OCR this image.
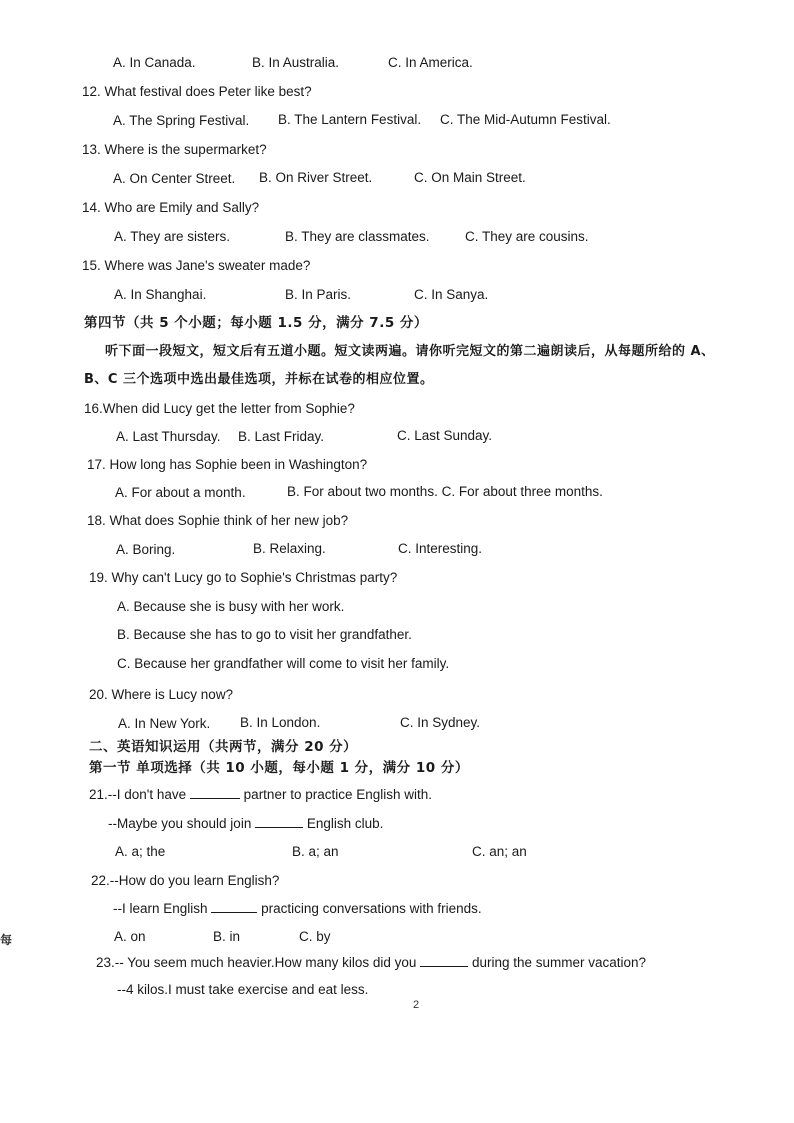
A. In Canada.	B. In Australia.	C. In America.
12. What festival does Peter like best?
A. The Spring Festival. B. The Lantern Festival. C. The Mid-Autumn Festival.
13. Where is the supermarket?
A. On Center Street. B. On River Street.	C. On Main Street.
14. Who are Emily and Sally?
A. They are sisters.	B. They are classmates.	C. They are cousins.
15. Where was Jane's sweater made?
A. In Shanghai.	B. In Paris.	C. In Sanya.
第四节（共 5 个小题；每小题 1.5 分，满分 7.5 分）
听下面一段短文，短文后有五道小题。短文读两遍。请你听完短文的第二遍朗读后，从每题所给的 A、
B、C 三个选项中选出最佳选项，并标在试卷的相应位置。
16.When did Lucy get the letter from Sophie?
A. Last Thursday. B. Last Friday.	C. Last Sunday.
17. How long has Sophie been in Washington?
A. For about a month.	B. For about two months. C. For about three months.
18. What does Sophie think of her new job?
A. Boring.	B. Relaxing.	C. Interesting.
19. Why can't Lucy go to Sophie's Christmas party?
A. Because she is busy with her work.
B. Because she has to go to visit her grandfather.
C. Because her grandfather will come to visit her family.
20. Where is Lucy now?
A. In New York. B. In London.	C. In Sydney.
二、英语知识运用（共两节，满分 20 分）
第一节 单项选择（共 10 小题，每小题 1 分，满分 10 分）
21.--I don't have	partner to practice English with.
--Maybe you should join	English club.
A. a; the	B. a; an	C. an; an
22.--How do you learn English?
--I learn English	practicing conversations with friends.
A. on	B. in	C. by
每
23.-- You seem much heavier.How many kilos did you	during the summer vacation?
--4 kilos.I must take exercise and eat less.
2
